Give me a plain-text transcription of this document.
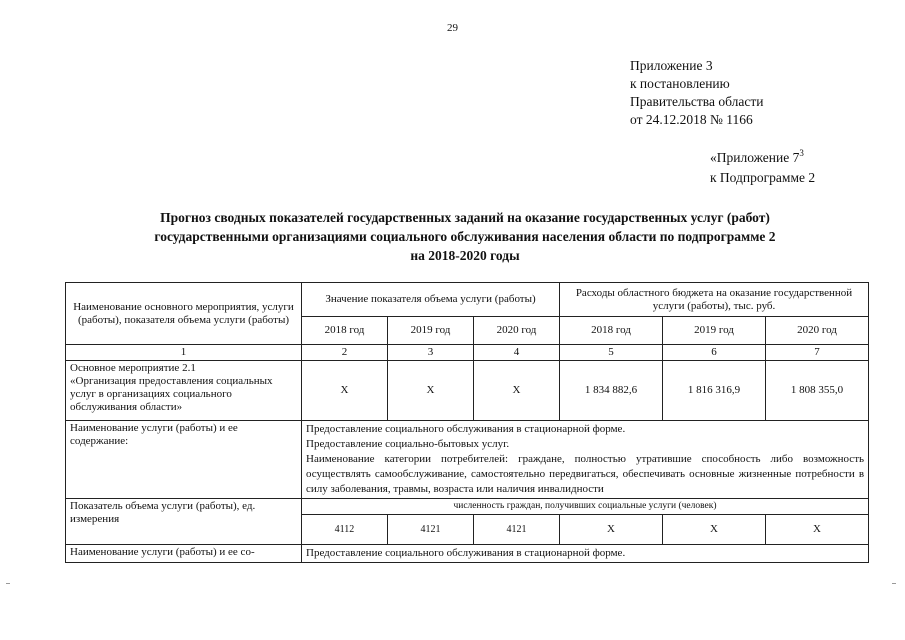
29
Приложение 3
к постановлению
Правительства области
от 24.12.2018 № 1166
«Приложение $7^3$
к Подпрограмме 2
Прогноз сводных показателей государственных заданий на оказание государственных услуг (работ)
государственными организациями социального обслуживания населения области по подпрограмме 2
на 2018-2020 годы
Наименование основного мероприятия, услуги (работы), показателя объема услуги (работы)	Значение показателя объема услуги (работы)			Расходы областного бюджета на оказание государственной услуги (работы), тыс. руб.		
	2018 год	2019 год	2020 год	2018 год	2019 год	2020 год
1	2	3	4	5	6	7

Основное мероприятие 2.1
«Организация предоставления социальных услуг в организациях социального обслуживания области»	Х	Х	Х	1 834 882,6	1 816 316,9	1 808 355,0
Наименование услуги (работы) и ее содержание:	Предоставление социального обслуживания в стационарной форме.
Предоставление социально-бытовых услуг.
Наименование категории потребителей: граждане, полностью утратившие способность либо возможность осуществлять самообслуживание, самостоятельно передвигаться, обеспечивать основные жизненные потребности в силу заболевания, травмы, возраста или наличия инвалидности					

Показатель объема услуги (работы), ед. измерения	численность граждан, получивших социальные услуги (человек)					
	4112	4121	4121	Х	Х	Х
Наименование услуги (работы) и ее со-	Предоставление социального обслуживания в стационарной форме.					
